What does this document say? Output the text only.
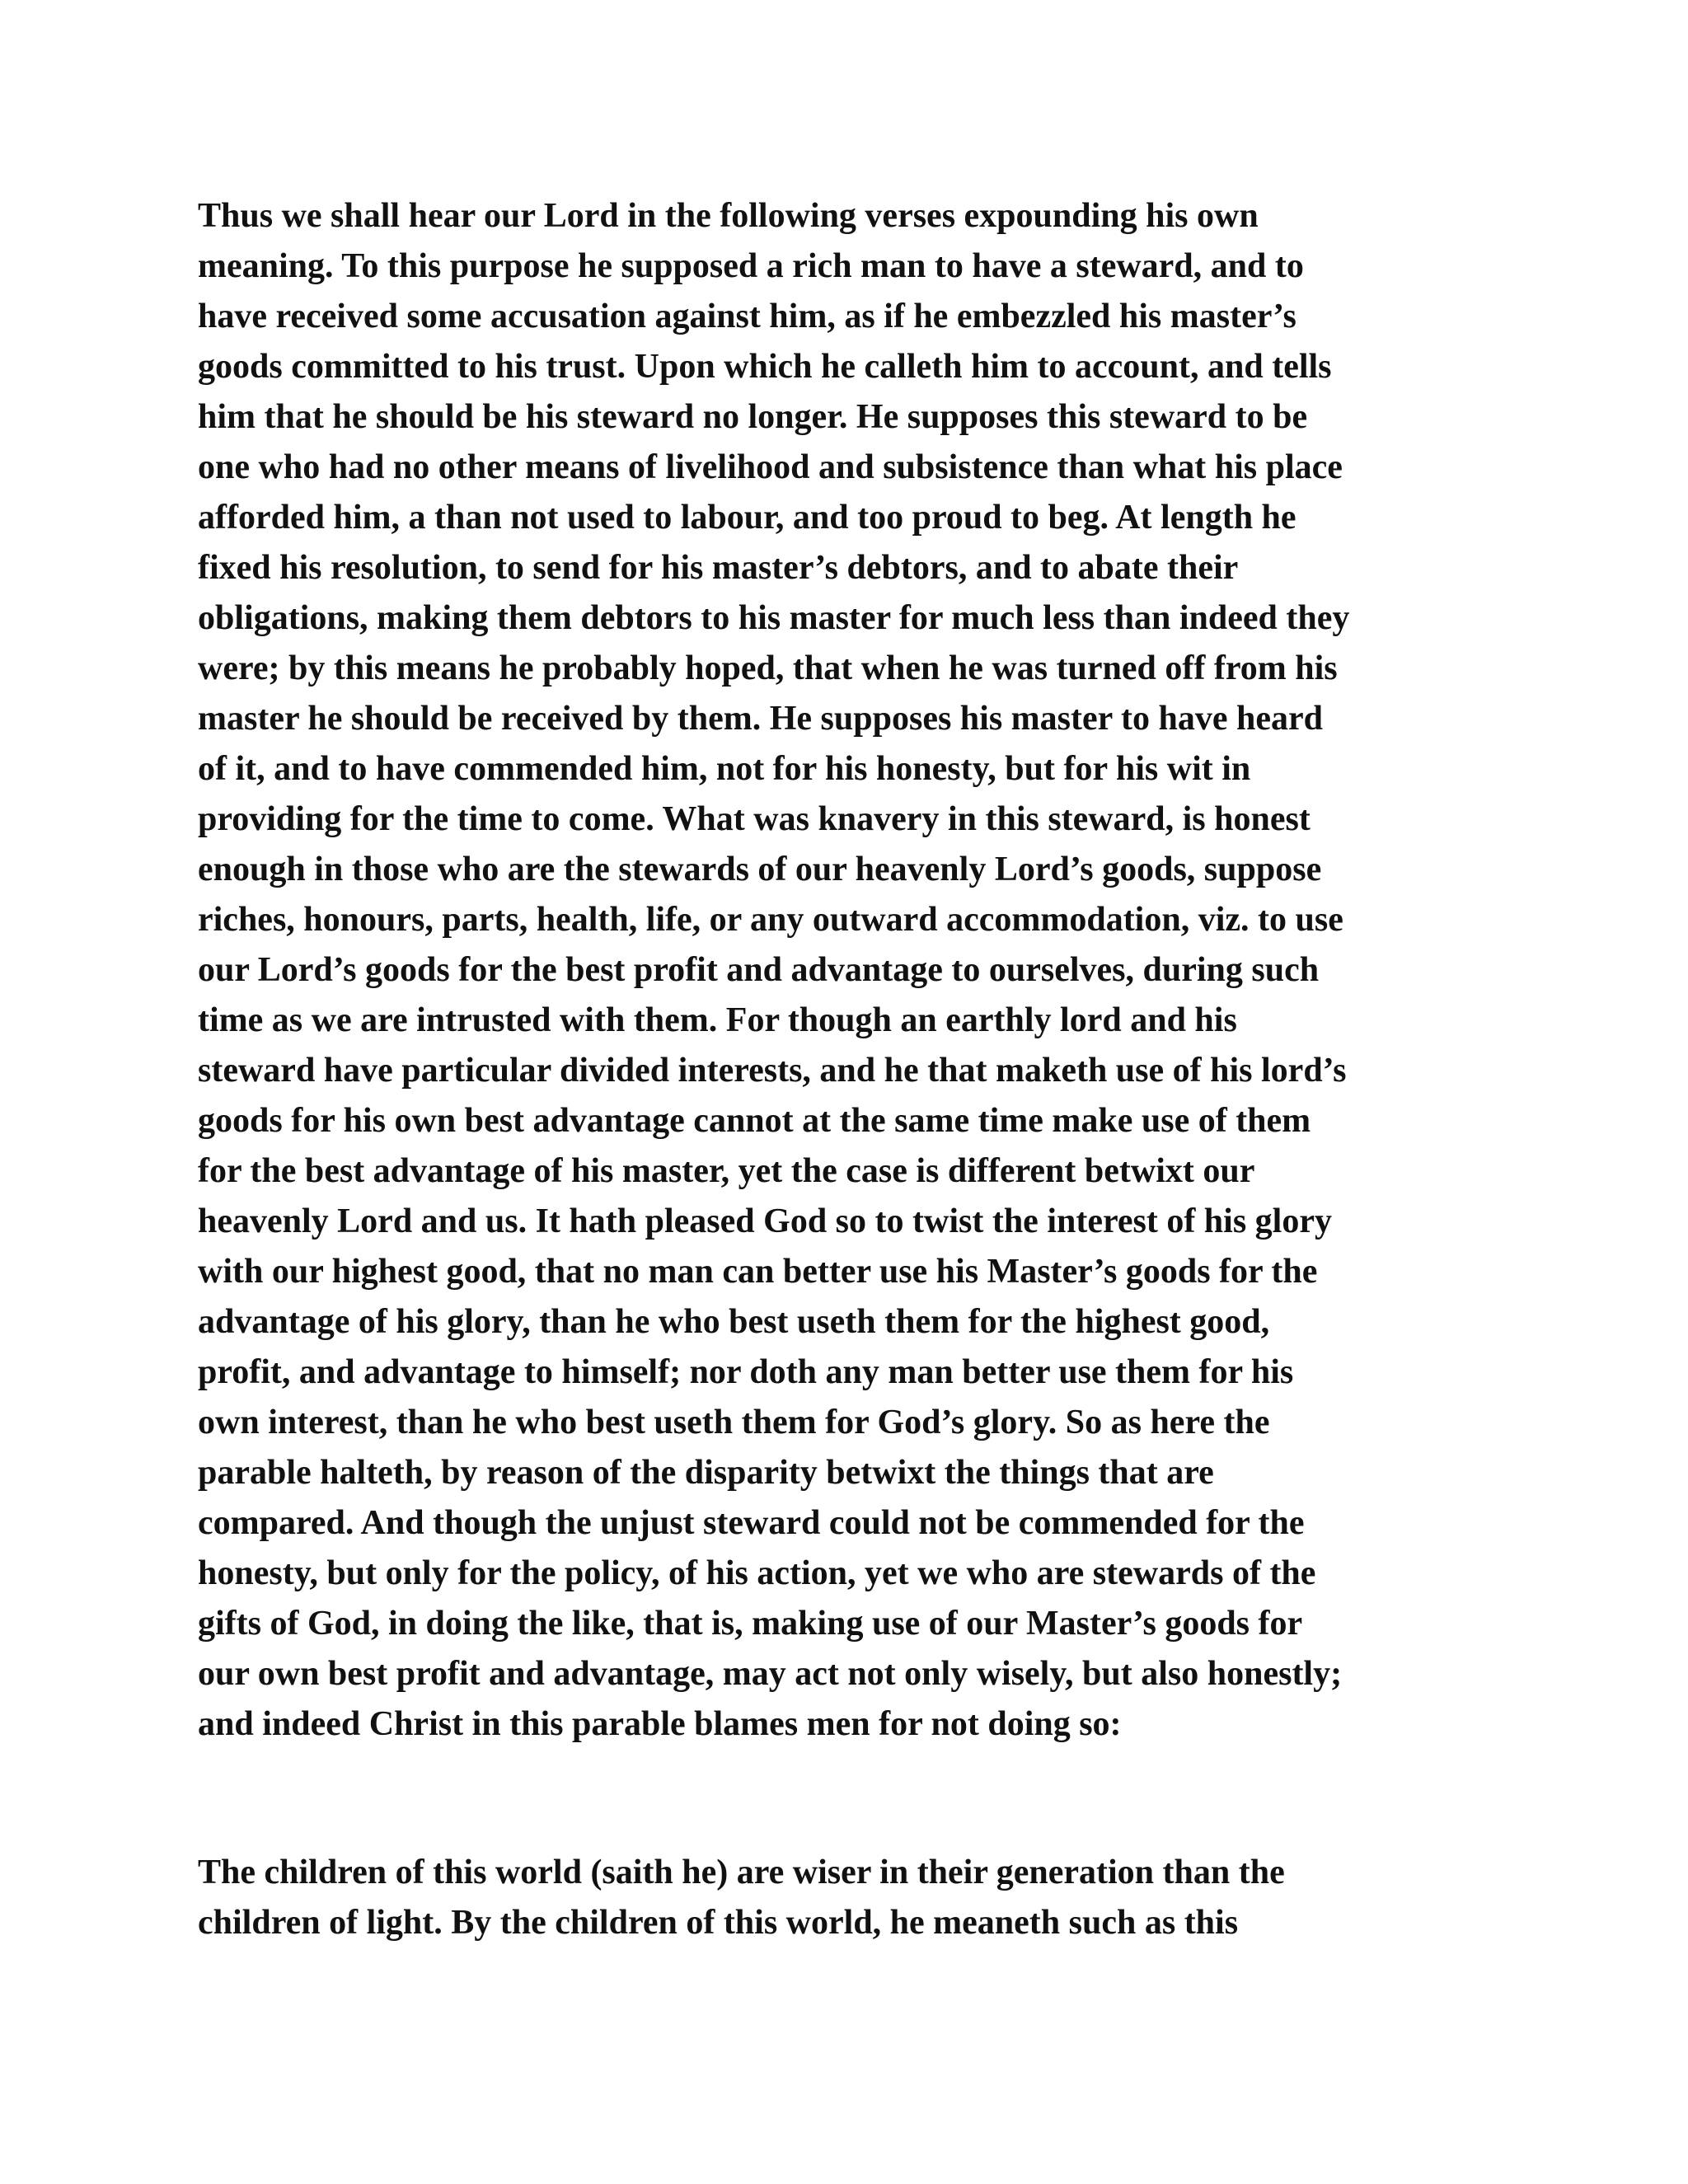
Thus we shall hear our Lord in the following verses expounding his own
meaning. To this purpose he supposed a rich man to have a steward, and to
have received some accusation against him, as if he embezzled his master’s
goods committed to his trust. Upon which he calleth him to account, and tells
him that he should be his steward no longer. He supposes this steward to be
one who had no other means of livelihood and subsistence than what his place
afforded him, a than not used to labour, and too proud to beg. At length he
fixed his resolution, to send for his master’s debtors, and to abate their
obligations, making them debtors to his master for much less than indeed they
were; by this means he probably hoped, that when he was turned off from his
master he should be received by them. He supposes his master to have heard
of it, and to have commended him, not for his honesty, but for his wit in
providing for the time to come. What was knavery in this steward, is honest
enough in those who are the stewards of our heavenly Lord’s goods, suppose
riches, honours, parts, health, life, or any outward accommodation, viz. to use
our Lord’s goods for the best profit and advantage to ourselves, during such
time as we are intrusted with them. For though an earthly lord and his
steward have particular divided interests, and he that maketh use of his lord’s
goods for his own best advantage cannot at the same time make use of them
for the best advantage of his master, yet the case is different betwixt our
heavenly Lord and us. It hath pleased God so to twist the interest of his glory
with our highest good, that no man can better use his Master’s goods for the
advantage of his glory, than he who best useth them for the highest good,
profit, and advantage to himself; nor doth any man better use them for his
own interest, than he who best useth them for God’s glory. So as here the
parable halteth, by reason of the disparity betwixt the things that are
compared. And though the unjust steward could not be commended for the
honesty, but only for the policy, of his action, yet we who are stewards of the
gifts of God, in doing the like, that is, making use of our Master’s goods for
our own best profit and advantage, may act not only wisely, but also honestly;
and indeed Christ in this parable blames men for not doing so:
The children of this world (saith he) are wiser in their generation than the
children of light. By the children of this world, he meaneth such as this
